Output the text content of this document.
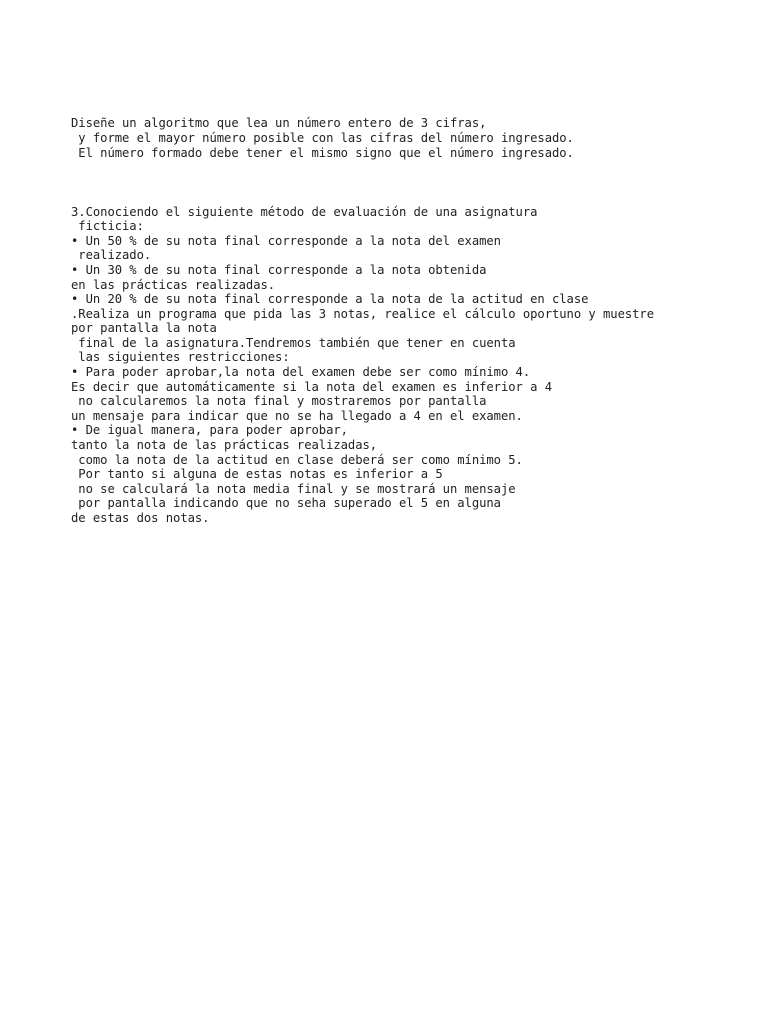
Diseñe un algoritmo que lea un número entero de 3 cifras,
y forme el mayor número posible con las cifras del número ingresado.
El número formado debe tener el mismo signo que el número ingresado.
3.Conociendo el siguiente método de evaluación de una asignatura
ficticia:
• Un 50 % de su nota final corresponde a la nota del examen
realizado.
• Un 30 % de su nota final corresponde a la nota obtenida
en las prácticas realizadas.
• Un 20 % de su nota final corresponde a la nota de la actitud en clase
.Realiza un programa que pida las 3 notas, realice el cálculo oportuno y muestre
por pantalla la nota
final de la asignatura.Tendremos también que tener en cuenta
las siguientes restricciones:
• Para poder aprobar,la nota del examen debe ser como mínimo 4.
Es decir que automáticamente si la nota del examen es inferior a 4
no calcularemos la nota final y mostraremos por pantalla
un mensaje para indicar que no se ha llegado a 4 en el examen.
• De igual manera, para poder aprobar,
tanto la nota de las prácticas realizadas,
como la nota de la actitud en clase deberá ser como mínimo 5.
Por tanto si alguna de estas notas es inferior a 5
no se calculará la nota media final y se mostrará un mensaje
por pantalla indicando que no seha superado el 5 en alguna
de estas dos notas.
